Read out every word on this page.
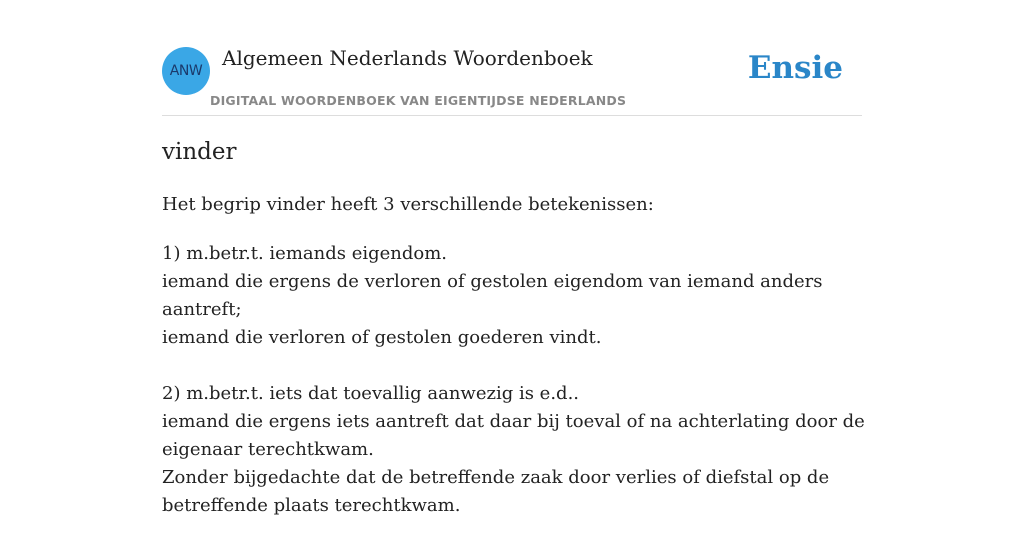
ANW
Algemeen Nederlands Woordenboek
DIGITAAL WOORDENBOEK VAN EIGENTIJDSE NEDERLANDS
Ensie
vinder

Het begrip vinder heeft 3 verschillende betekenissen:

1) m.betr.t. iemands eigendom.
iemand die ergens de verloren of gestolen eigendom van iemand anders aantreft;
iemand die verloren of gestolen goederen vindt.
2) m.betr.t. iets dat toevallig aanwezig is e.d..
iemand die ergens iets aantreft dat daar bij toeval of na achterlating door de eigenaar terechtkwam.
Zonder bijgedachte dat de betreffende zaak door verlies of diefstal op de betreffende plaats terechtkwam.
